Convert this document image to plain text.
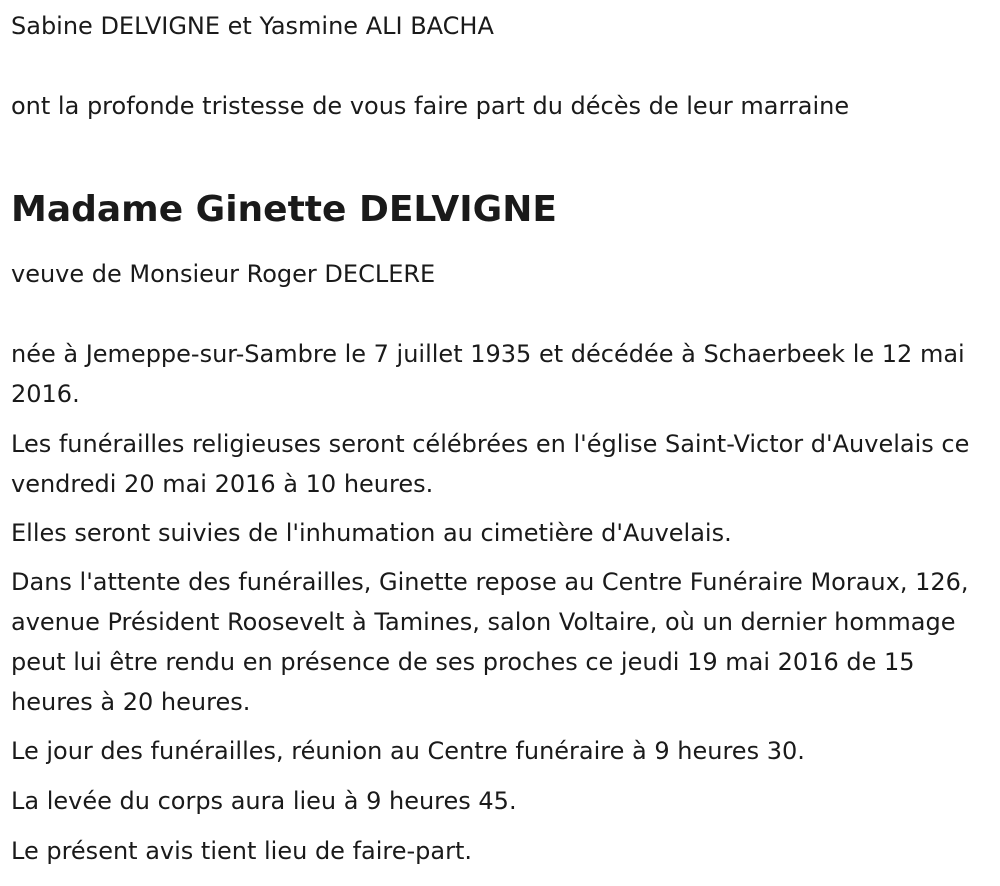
Sabine DELVIGNE et Yasmine ALI BACHA

ont la profonde tristesse de vous faire part du décès de leur marraine

Madame Ginette DELVIGNE

veuve de Monsieur Roger DECLERE

née à Jemeppe-sur-Sambre le 7 juillet 1935 et décédée à Schaerbeek le 12 mai 2016.

Les funérailles religieuses seront célébrées en l'église Saint-Victor d'Auvelais ce vendredi 20 mai 2016 à 10 heures.

Elles seront suivies de l'inhumation au cimetière d'Auvelais.

Dans l'attente des funérailles, Ginette repose au Centre Funéraire Moraux, 126, avenue Président Roosevelt à Tamines, salon Voltaire, où un dernier hommage peut lui être rendu en présence de ses proches ce jeudi 19 mai 2016 de 15 heures à 20 heures.

Le jour des funérailles, réunion au Centre funéraire à 9 heures 30.

La levée du corps aura lieu à 9 heures 45.

Le présent avis tient lieu de faire-part.
